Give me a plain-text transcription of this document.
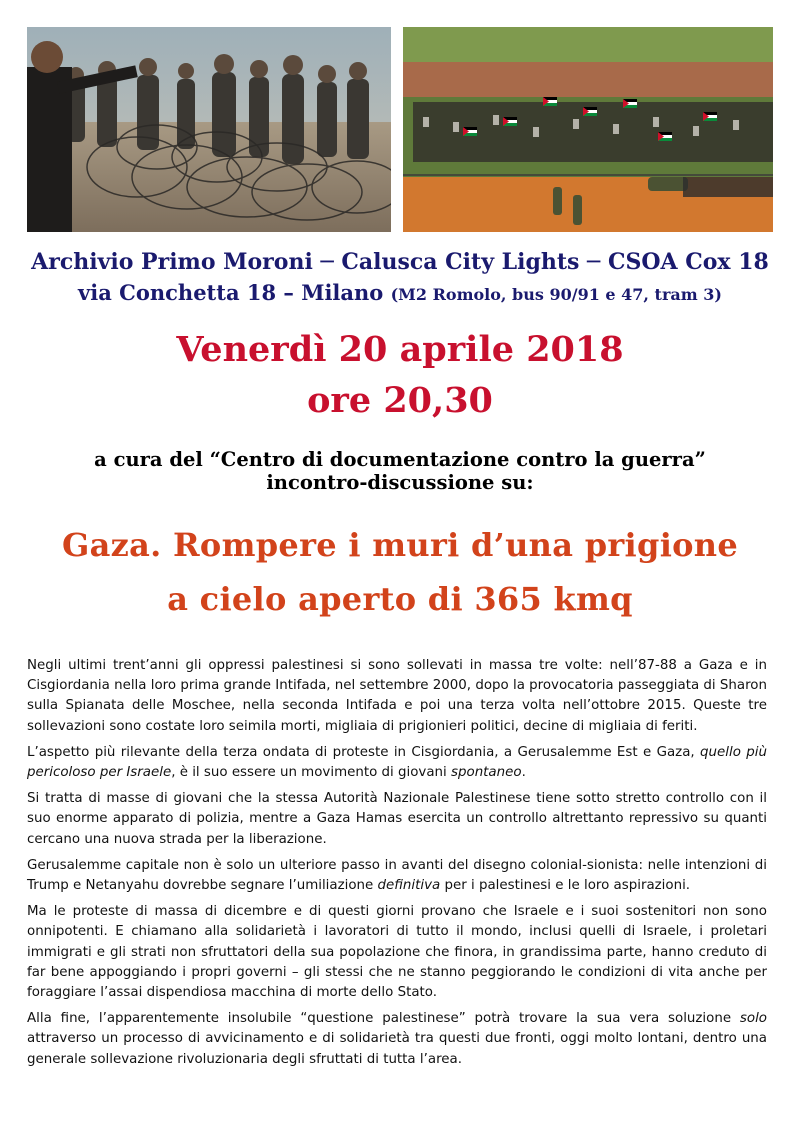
Archivio Primo Moroni ─ Calusca City Lights ─ CSOA Cox 18
via Conchetta 18 – Milano (M2 Romolo, bus 90/91 e 47, tram 3)
Venerdì 20 aprile 2018
ore 20,30
a cura del “Centro di documentazione contro la guerra”
incontro-discussione su:
Gaza. Rompere i muri d’una prigione
a cielo aperto di 365 kmq

Negli ultimi trent’anni gli oppressi palestinesi si sono sollevati in massa tre volte: nell’87-88 a Gaza e in Cisgiordania nella loro prima grande Intifada, nel settembre 2000, dopo la provocatoria passeggiata di Sharon sulla Spianata delle Moschee, nella seconda Intifada e poi una terza volta nell’ottobre 2015. Queste tre sollevazioni sono costate loro seimila morti, migliaia di prigionieri politici, decine di migliaia di feriti.

L’aspetto più rilevante della terza ondata di proteste in Cisgiordania, a Gerusalemme Est e Gaza, quello più pericoloso per Israele, è il suo essere un movimento di giovani spontaneo.

Si tratta di masse di giovani che la stessa Autorità Nazionale Palestinese tiene sotto stretto controllo con il suo enorme apparato di polizia, mentre a Gaza Hamas esercita un controllo altrettanto repressivo su quanti cercano una nuova strada per la liberazione.

Gerusalemme capitale non è solo un ulteriore passo in avanti del disegno colonial-sionista: nelle intenzioni di Trump e Netanyahu dovrebbe segnare l’umiliazione definitiva per i palestinesi e le loro aspirazioni.

Ma le proteste di massa di dicembre e di questi giorni provano che Israele e i suoi sostenitori non sono onnipotenti. E chiamano alla solidarietà i lavoratori di tutto il mondo, inclusi quelli di Israele, i proletari immigrati e gli strati non sfruttatori della sua popolazione che finora, in grandissima parte, hanno creduto di far bene appoggiando i propri governi – gli stessi che ne stanno peggiorando le condizioni di vita anche per foraggiare l’assai dispendiosa macchina di morte dello Stato.

Alla fine, l’apparentemente insolubile “questione palestinese” potrà trovare la sua vera soluzione solo attraverso un processo di avvicinamento e di solidarietà tra questi due fronti, oggi molto lontani, dentro una generale sollevazione rivoluzionaria degli sfruttati di tutta l’area.
